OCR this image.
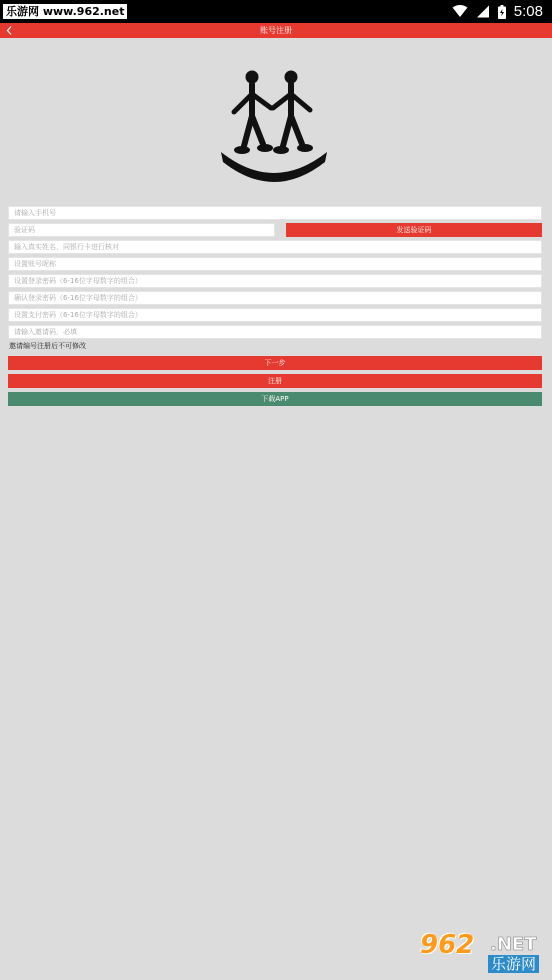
乐游网 www.962.net	5:08
账号注册
请输入手机号
验证码
发送验证码
输入真实姓名，同银行卡进行核对
设置账号昵称
请输入邀请码，必填
邀请编号注册后不可修改
下一步
注册
下载APP
962 .NET
乐游网
